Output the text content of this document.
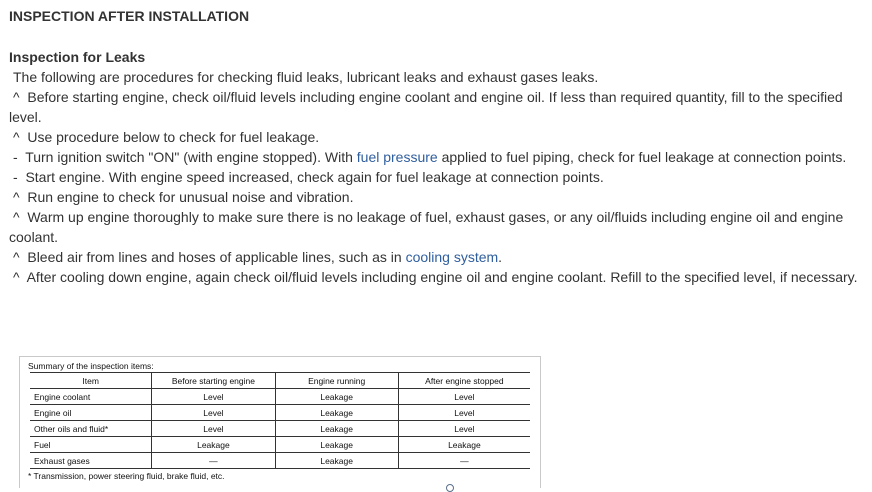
INSPECTION AFTER INSTALLATION
Inspection for Leaks
The following are procedures for checking fluid leaks, lubricant leaks and exhaust gases leaks.
^ Before starting engine, check oil/fluid levels including engine coolant and engine oil. If less than required quantity, fill to the specified level.
^ Use procedure below to check for fuel leakage.
- Turn ignition switch "ON" (with engine stopped). With fuel pressure applied to fuel piping, check for fuel leakage at connection points.
- Start engine. With engine speed increased, check again for fuel leakage at connection points.
^ Run engine to check for unusual noise and vibration.
^ Warm up engine thoroughly to make sure there is no leakage of fuel, exhaust gases, or any oil/fluids including engine oil and engine coolant.
^ Bleed air from lines and hoses of applicable lines, such as in cooling system.
^ After cooling down engine, again check oil/fluid levels including engine oil and engine coolant. Refill to the specified level, if necessary.
Summary of the inspection items:
Item	Before starting engine	Engine running	After engine stopped
Engine coolant	Level	Leakage	Level
Engine oil	Level	Leakage	Level
Other oils and fluid*	Level	Leakage	Level
Fuel	Leakage	Leakage	Leakage
Exhaust gases	—	Leakage	—
* Transmission, power steering fluid, brake fluid, etc.
